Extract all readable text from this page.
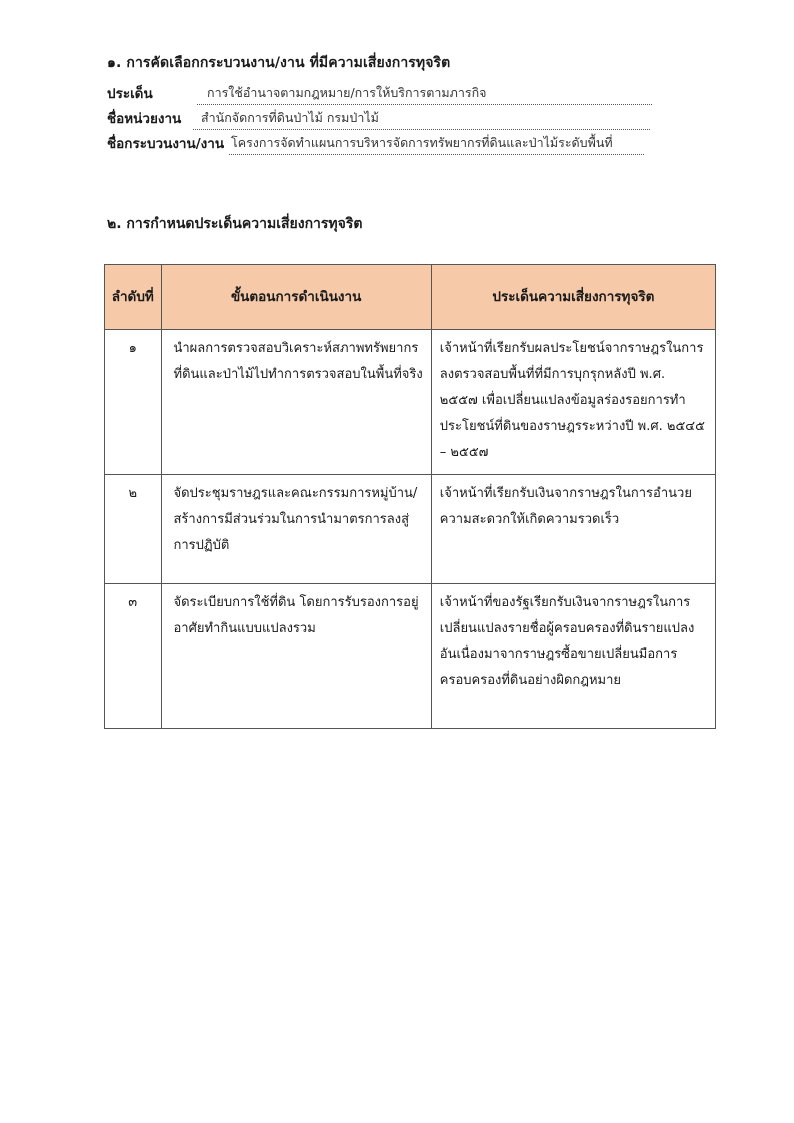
๑. การคัดเลือกกระบวนงาน/งาน ที่มีความเสี่ยงการทุจริต
ประเด็น	การใช้อำนาจตามกฎหมาย/การให้บริการตามภารกิจ
ชื่อหน่วยงาน	สำนักจัดการที่ดินป่าไม้ กรมป่าไม้
ชื่อกระบวนงาน/งาน โครงการจัดทำแผนการบริหารจัดการทรัพยากรที่ดินและป่าไม้ระดับพื้นที่
๒. การกำหนดประเด็นความเสี่ยงการทุจริต
ลำดับที่	ขั้นตอนการดำเนินงาน	ประเด็นความเสี่ยงการทุจริต
๑	นำผลการตรวจสอบวิเคราะห์สภาพทรัพยากรที่ดินและป่าไม้ไปทำการตรวจสอบในพื้นที่จริง	เจ้าหน้าที่เรียกรับผลประโยชน์จากราษฎรในการลงตรวจสอบพื้นที่ที่มีการบุกรุกหลังปี พ.ศ. ๒๕๕๗ เพื่อเปลี่ยนแปลงข้อมูลร่องรอยการทำประโยชน์ที่ดินของราษฎรระหว่างปี พ.ศ. ๒๕๔๕ – ๒๕๕๗
๒	จัดประชุมราษฎรและคณะกรรมการหมู่บ้าน/สร้างการมีส่วนร่วมในการนำมาตรการลงสู่การปฏิบัติ	เจ้าหน้าที่เรียกรับเงินจากราษฎรในการอำนวยความสะดวกให้เกิดความรวดเร็ว
๓	จัดระเบียบการใช้ที่ดิน โดยการรับรองการอยู่อาศัยทำกินแบบแปลงรวม	เจ้าหน้าที่ของรัฐเรียกรับเงินจากราษฎรในการเปลี่ยนแปลงรายชื่อผู้ครอบครองที่ดินรายแปลงอันเนื่องมาจากราษฎรซื้อขายเปลี่ยนมือการครอบครองที่ดินอย่างผิดกฎหมาย
